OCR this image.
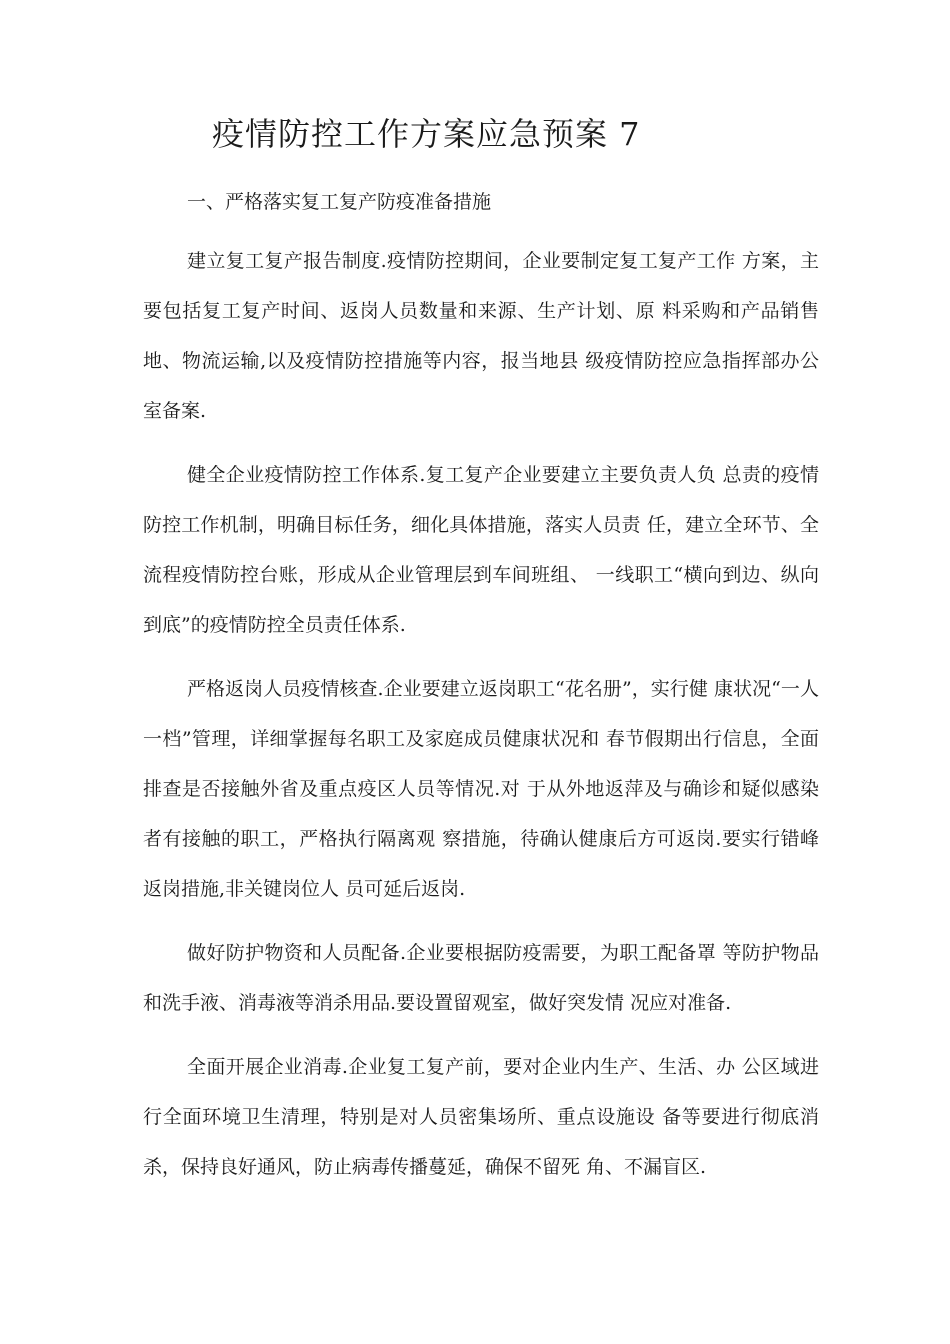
疫情防控工作方案应急预案 7
一、严格落实复工复产防疫准备措施

建立复工复产报告制度.疫情防控期间，企业要制定复工复产工作 方案，主要包括复工复产时间、返岗人员数量和来源、生产计划、原 料采购和产品销售地、物流运输,以及疫情防控措施等内容，报当地县 级疫情防控应急指挥部办公室备案.

健全企业疫情防控工作体系.复工复产企业要建立主要负责人负 总责的疫情防控工作机制，明确目标任务，细化具体措施，落实人员责 任，建立全环节、全流程疫情防控台账，形成从企业管理层到车间班组、 一线职工“横向到边、纵向到底”的疫情防控全员责任体系.

严格返岗人员疫情核查.企业要建立返岗职工“花名册”，实行健 康状况“一人一档”管理，详细掌握每名职工及家庭成员健康状况和 春节假期出行信息，全面排查是否接触外省及重点疫区人员等情况.对 于从外地返萍及与确诊和疑似感染者有接触的职工，严格执行隔离观 察措施，待确认健康后方可返岗.要实行错峰返岗措施,非关键岗位人 员可延后返岗.

做好防护物资和人员配备.企业要根据防疫需要，为职工配备罩 等防护物品和洗手液、消毒液等消杀用品.要设置留观室，做好突发情 况应对准备.

全面开展企业消毒.企业复工复产前，要对企业内生产、生活、办 公区域进行全面环境卫生清理，特别是对人员密集场所、重点设施设 备等要进行彻底消杀，保持良好通风，防止病毒传播蔓延，确保不留死 角、不漏盲区.
